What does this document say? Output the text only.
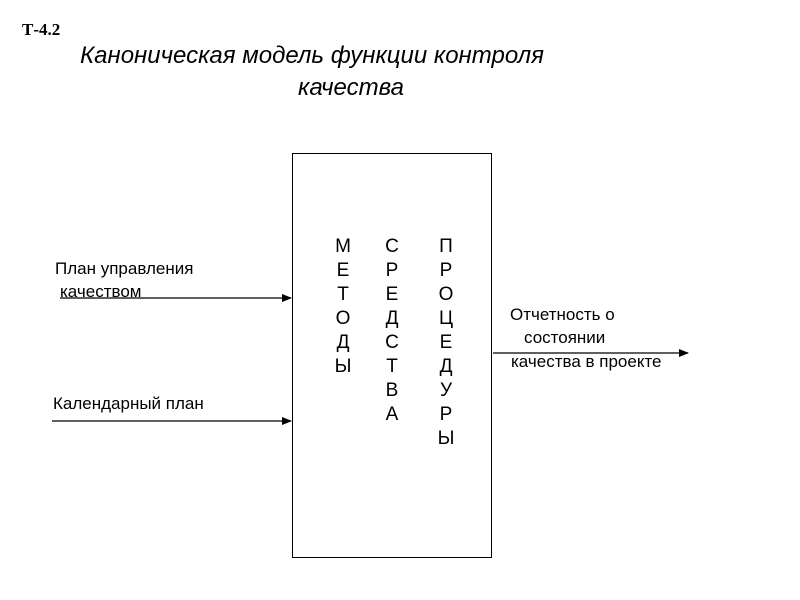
Т-4.2
Каноническая модель функции контроля
качества
План управления
качеством
Календарный план
Отчетность о
состоянии
качества в проекте
М
Е
Т
О
Д
Ы
С
Р
Е
Д
С
Т
В
А
П
Р
О
Ц
Е
Д
У
Р
Ы
